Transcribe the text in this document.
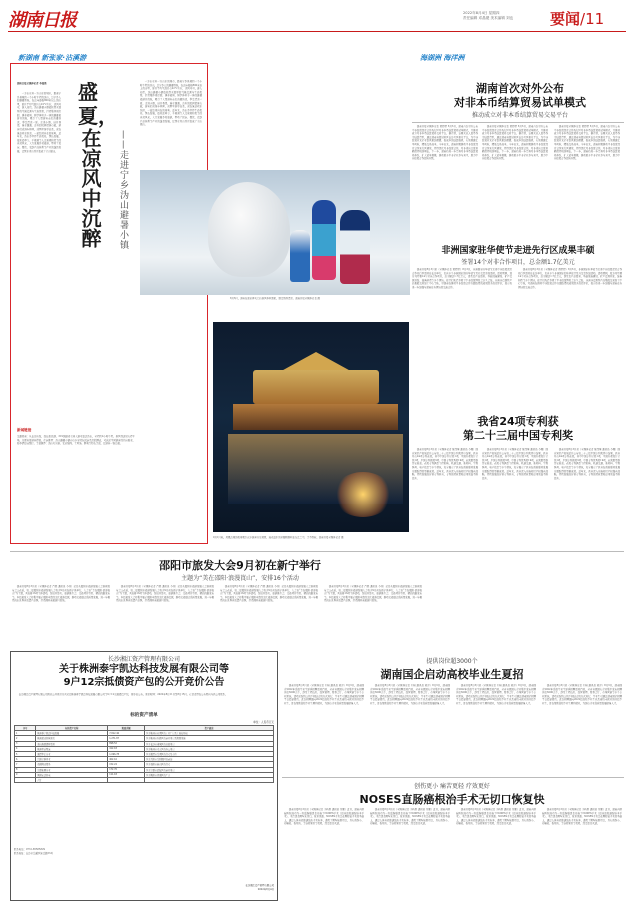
湖南日报	2022年8月4日 星期四
责任编辑 邓晶琎 美术编辑 刘也 要闻/11
新湖南 新张家·沾溪游	海湖洲 海洋洲
湖南日报全媒体记者 李曼斯
一方山水养一方山水的城市，距离宁乡县城约一个小时车程的沩山，是宁乡人的避暑胜地。在这座海拔800米以上的山里，夏日平均气温只有22℃左右，凉风习习，游人如织。沩山避暑小镇依托得天独厚的气候资源与生态优势，打造集休闲度假、康养旅居、研学体验于一体的避暑旅游目的地，吸引了大量游客前来消暑纳凉，享受清凉一夏。走进小镇，满目苍翠，溪水潺潺，古朴的民居错落有致，游客们或漫步林间，或围坐茶亭品茗，或在溪边戏水纳凉，一派悠闲自在的景象。近年来，沩山乡坚持生态优先、绿色发展，依托密印寺、千佛洞等人文景观和优美的自然风光，大力发展乡村旅游，带动了民宿、餐饮、农副产品销售等产业的蓬勃发展，让绿水青山真正变成了金山银山。
盛夏，
在凉风中沉醉	——走进宁乡沩山避暑小镇
一方山水养一方山水的城市，距离宁乡县城约一个小时车程的沩山，是宁乡人的避暑胜地。在这座海拔800米以上的山里，夏日平均气温只有22℃左右，凉风习习，游人如织。沩山避暑小镇依托得天独厚的气候资源与生态优势，打造集休闲度假、康养旅居、研学体验于一体的避暑旅游目的地，吸引了大量游客前来消暑纳凉，享受清凉一夏。走进小镇，满目苍翠，溪水潺潺，古朴的民居错落有致，游客们或漫步林间，或围坐茶亭品茗，或在溪边戏水纳凉，一派悠闲自在的景象。近年来，沩山乡坚持生态优先、绿色发展，依托密印寺、千佛洞等人文景观和优美的自然风光，大力发展乡村旅游，带动了民宿、餐饮、农副产品销售等产业的蓬勃发展，让绿水青山真正变成了金山银山。
新闻链接
交通指南：从长沙出发，经长张高速、319国道或金洲大道可直达沩山，全程约2小时车程。景区周边设有停车场，方便自驾游客停放。住宿推荐：沩山避暑小镇内有多家特色民宿及度假酒店，可满足不同游客的住宿需求，旺季请提前预订。美食推荐：沩山毛尖茶、农家腊肉、土鸡汤、野菜等特色美食，让游客一饱口福。
8月3日，游客在张家界天门山景区体验溜索，感受别样清凉。湖南日报全媒体记者 摄
湖南首次对外公布
对非本币结算贸易试单模式
推动成立对非本币结算贸易交易平台
湖南日报全媒体记者 黄婷婷 8月3日，湖南首次对外公布中非经贸深度合作先行区对非本币结算贸易试单模式，并推动成立对非本币结算贸易交易平台。据介绍，该模式以人民币作为结算货币，通过湖南自贸试验区长沙片区相关平台，为中非经贸往来企业提供更加便捷、低成本的结算服务，有效规避汇率风险，降低交易成本。今年以来，湖南积极推动中非经贸深度合作先行区建设，持续深化对非经贸合作，对非进出口贸易额保持较快增长。下一步，湖南将进一步完善对非本币结算贸易体系，扩大试单规模，推动更多中非企业参与其中，助力中非经贸合作提质升级。
湖南日报全媒体记者 黄婷婷 8月3日，湖南首次对外公布中非经贸深度合作先行区对非本币结算贸易试单模式，并推动成立对非本币结算贸易交易平台。据介绍，该模式以人民币作为结算货币，通过湖南自贸试验区长沙片区相关平台，为中非经贸往来企业提供更加便捷、低成本的结算服务，有效规避汇率风险，降低交易成本。今年以来，湖南积极推动中非经贸深度合作先行区建设，持续深化对非经贸合作，对非进出口贸易额保持较快增长。下一步，湖南将进一步完善对非本币结算贸易体系，扩大试单规模，推动更多中非企业参与其中，助力中非经贸合作提质升级。
湖南日报全媒体记者 黄婷婷 8月3日，湖南首次对外公布中非经贸深度合作先行区对非本币结算贸易试单模式，并推动成立对非本币结算贸易交易平台。据介绍，该模式以人民币作为结算货币，通过湖南自贸试验区长沙片区相关平台，为中非经贸往来企业提供更加便捷、低成本的结算服务，有效规避汇率风险，降低交易成本。今年以来，湖南积极推动中非经贸深度合作先行区建设，持续深化对非经贸合作，对非进出口贸易额保持较快增长。下一步，湖南将进一步完善对非本币结算贸易体系，扩大试单规模，推动更多中非企业参与其中，助力中非经贸合作提质升级。
非洲国家驻华使节走进先行区成果丰硕
签署14个对非合作项目，总金额1.7亿美元
湖南日报8月3日讯（全媒体记者 黄婷婷）8月3日，非洲国家驻华使节走进中非经贸深度合作先行区活动在长沙举行，来自多个非洲国家的驻华使节及外交官参加活动。活动期间，双方共签署14个对非合作项目，总金额达1.7亿美元，涉及农产品贸易、基础设施建设、矿产资源开发、装备制造等多个领域。使节们先后参观了中非经贸博览会永久会址、非洲非资源性产品集散交易加工中心等地，对湖南在推动中非经贸合作方面取得的成效给予高度评价，表示将进一步加强与湖南在各领域的交流合作。
湖南日报8月3日讯（全媒体记者 黄婷婷）8月3日，非洲国家驻华使节走进中非经贸深度合作先行区活动在长沙举行，来自多个非洲国家的驻华使节及外交官参加活动。活动期间，双方共签署14个对非合作项目，总金额达1.7亿美元，涉及农产品贸易、基础设施建设、矿产资源开发、装备制造等多个领域。使节们先后参观了中非经贸博览会永久会址、非洲非资源性产品集散交易加工中心等地，对湖南在推动中非经贸合作方面取得的成效给予高度评价，表示将进一步加强与湖南在各领域的交流合作。
9月1日晚，凤凰古城的夜景吸引众多游客驻足观赏，流光溢彩的吊脚楼倒映在沱江之中，美不胜收。湖南日报全媒体记者 摄
我省24项专利获
第二十三届中国专利奖
湖南日报8月3日讯（全媒体记者 陈淦璋 通讯员 李娜）国家知识产权局近日公布第二十三届中国专利奖评审结果，我省共有24项专利获奖，其中中国专利金奖1项、中国外观设计金奖1项、中国专利银奖3项、中国专利优秀奖19项，获奖数量创历史新高。获奖专利涵盖工程机械、轨道交通、新材料、生物医药、电子信息等多个领域，充分展示了我省在创新驱动发展方面取得的显著成效。近年来，我省深入实施知识产权强省战略，持续加强高价值专利培育，专利创造质量和运用效益不断提升。
湖南日报8月3日讯（全媒体记者 陈淦璋 通讯员 李娜）国家知识产权局近日公布第二十三届中国专利奖评审结果，我省共有24项专利获奖，其中中国专利金奖1项、中国外观设计金奖1项、中国专利银奖3项、中国专利优秀奖19项，获奖数量创历史新高。获奖专利涵盖工程机械、轨道交通、新材料、生物医药、电子信息等多个领域，充分展示了我省在创新驱动发展方面取得的显著成效。近年来，我省深入实施知识产权强省战略，持续加强高价值专利培育，专利创造质量和运用效益不断提升。
湖南日报8月3日讯（全媒体记者 陈淦璋 通讯员 李娜）国家知识产权局近日公布第二十三届中国专利奖评审结果，我省共有24项专利获奖，其中中国专利金奖1项、中国外观设计金奖1项、中国专利银奖3项、中国专利优秀奖19项，获奖数量创历史新高。获奖专利涵盖工程机械、轨道交通、新材料、生物医药、电子信息等多个领域，充分展示了我省在创新驱动发展方面取得的显著成效。近年来，我省深入实施知识产权强省战略，持续加强高价值专利培育，专利创造质量和运用效益不断提升。
邵阳市旅发大会9月初在新宁举行
主题为“美在邵阳·浪漫崀山”，安排16个活动
湖南日报8月3日讯（全媒体记者 肖燕 通讯员 李伟）记者从邵阳市旅游发展大会新闻发布会上获悉，第二届邵阳市旅游发展大会将于9月初在新宁县举行，大会以“美在邵阳·浪漫崀山”为主题，共安排16项主体活动，包括开幕式、旅游推介会、文旅项目签约、精品线路发布等。本届旅发大会将集中展示邵阳丰富的文化旅游资源，推动文旅融合高质量发展，进一步擦亮崀山世界自然遗产品牌，打造湘西南旅游目的地。
湖南日报8月3日讯（全媒体记者 肖燕 通讯员 李伟）记者从邵阳市旅游发展大会新闻发布会上获悉，第二届邵阳市旅游发展大会将于9月初在新宁县举行，大会以“美在邵阳·浪漫崀山”为主题，共安排16项主体活动，包括开幕式、旅游推介会、文旅项目签约、精品线路发布等。本届旅发大会将集中展示邵阳丰富的文化旅游资源，推动文旅融合高质量发展，进一步擦亮崀山世界自然遗产品牌，打造湘西南旅游目的地。
湖南日报8月3日讯（全媒体记者 肖燕 通讯员 李伟）记者从邵阳市旅游发展大会新闻发布会上获悉，第二届邵阳市旅游发展大会将于9月初在新宁县举行，大会以“美在邵阳·浪漫崀山”为主题，共安排16项主体活动，包括开幕式、旅游推介会、文旅项目签约、精品线路发布等。本届旅发大会将集中展示邵阳丰富的文化旅游资源，推动文旅融合高质量发展，进一步擦亮崀山世界自然遗产品牌，打造湘西南旅游目的地。
湖南日报8月3日讯（全媒体记者 肖燕 通讯员 李伟）记者从邵阳市旅游发展大会新闻发布会上获悉，第二届邵阳市旅游发展大会将于9月初在新宁县举行，大会以“美在邵阳·浪漫崀山”为主题，共安排16项主体活动，包括开幕式、旅游推介会、文旅项目签约、精品线路发布等。本届旅发大会将集中展示邵阳丰富的文化旅游资源，推动文旅融合高质量发展，进一步擦亮崀山世界自然遗产品牌，打造湘西南旅游目的地。
长沙湘江资产管理有限公司
关于株洲泰宇凯达科技发展有限公司等
9户12宗抵债资产包的公开竞价公告
长沙湘江资产管理有限公司拟以公开竞价方式转让株洲泰宇凯达科技发展有限公司等9户12宗抵债资产包，现予以公告。竞价时间：2022年8月11日至8月15日。有意者请在公告期内与我公司联系。
标的资产清单
单位：人民币万元
序号	标的资产名称	账面余额	资产描述
1	株洲泰宇凯达科技发展	7,812.46	位于株洲市荷塘区的工业厂房及土地使用权
2	株洲瑞盛机械制造	1,271.87	位于株洲市石峰区的商业用房及附属设施
3	湖南鑫源建材贸易	898.52	位于长沙市望城区的仓储用房
4	株洲恒远物流	412.18	位于株洲市天元区的办公用房
5	湘潭华信实业	1,096.78	位于湘潭市岳塘区的住宅及车位
6	岳阳金泰置业	402.16	位于岳阳市岳阳楼区的商铺
7	益阳隆盛贸易	152.24	位于益阳市赫山区的住宅
8	常德和顺实业	172.76	位于常德市武陵区的商业用房
9	衡阳宏达机电	111.18	位于衡阳市蒸湘区的厂房
	合计		
联系电话：0731-85585829
联系地址：长沙市岳麓区滨江路53号
长沙湘江资产管理有限公司
2022年8月4日
提供岗位超3000个
湖南国企启动高校毕业生夏招
湖南日报8月3日讯（全媒体记者 王晗 通讯员 刘洋）8月3日，湖南国企2022年高校毕业生夏季招聘活动启动，全省省属国有企业集中发布招聘岗位3000余个，涉及工程技术、经营管理、财务会计、市场营销等多个专业领域。活动采取线上线下相结合的方式进行，毕业生可通过湖南国企招聘平台投递简历。此次招聘面向2022届高校毕业生以及离校未就业的往届毕业生，旨在帮助高校毕业生顺利就业，为国有企业高质量发展储备人才。
湖南日报8月3日讯（全媒体记者 王晗 通讯员 刘洋）8月3日，湖南国企2022年高校毕业生夏季招聘活动启动，全省省属国有企业集中发布招聘岗位3000余个，涉及工程技术、经营管理、财务会计、市场营销等多个专业领域。活动采取线上线下相结合的方式进行，毕业生可通过湖南国企招聘平台投递简历。此次招聘面向2022届高校毕业生以及离校未就业的往届毕业生，旨在帮助高校毕业生顺利就业，为国有企业高质量发展储备人才。
湖南日报8月3日讯（全媒体记者 王晗 通讯员 刘洋）8月3日，湖南国企2022年高校毕业生夏季招聘活动启动，全省省属国有企业集中发布招聘岗位3000余个，涉及工程技术、经营管理、财务会计、市场营销等多个专业领域。活动采取线上线下相结合的方式进行，毕业生可通过湖南国企招聘平台投递简历。此次招聘面向2022届高校毕业生以及离校未就业的往届毕业生，旨在帮助高校毕业生顺利就业，为国有企业高质量发展储备人才。
湖南日报8月3日讯（全媒体记者 王晗 通讯员 刘洋）8月3日，湖南国企2022年高校毕业生夏季招聘活动启动，全省省属国有企业集中发布招聘岗位3000余个，涉及工程技术、经营管理、财务会计、市场营销等多个专业领域。活动采取线上线下相结合的方式进行，毕业生可通过湖南国企招聘平台投递简历。此次招聘面向2022届高校毕业生以及离校未就业的往届毕业生，旨在帮助高校毕业生顺利就业，为国有企业高质量发展储备人才。
创伤更小 痛苦更轻 疗效更好
NOSES直肠癌根治手术无切口恢复快
湖南日报8月3日讯（全媒体记者 李传胜 通讯员 付鹏）近日，湖南省肿瘤医院成功为一名直肠癌患者实施了NOSES手术（经自然腔道取标本手术），术后患者腹壁无切口，恢复迅速。NOSES手术是在腹腔镜手术的基础上，通过人体自然腔道取出手术标本，避免了腹壁辅助切口，具有创伤小、疼痛轻、恢复快、美容效果好等优势，深受患者欢迎。
湖南日报8月3日讯（全媒体记者 李传胜 通讯员 付鹏）近日，湖南省肿瘤医院成功为一名直肠癌患者实施了NOSES手术（经自然腔道取标本手术），术后患者腹壁无切口，恢复迅速。NOSES手术是在腹腔镜手术的基础上，通过人体自然腔道取出手术标本，避免了腹壁辅助切口，具有创伤小、疼痛轻、恢复快、美容效果好等优势，深受患者欢迎。
湖南日报8月3日讯（全媒体记者 李传胜 通讯员 付鹏）近日，湖南省肿瘤医院成功为一名直肠癌患者实施了NOSES手术（经自然腔道取标本手术），术后患者腹壁无切口，恢复迅速。NOSES手术是在腹腔镜手术的基础上，通过人体自然腔道取出手术标本，避免了腹壁辅助切口，具有创伤小、疼痛轻、恢复快、美容效果好等优势，深受患者欢迎。
湖南日报8月3日讯（全媒体记者 李传胜 通讯员 付鹏）近日，湖南省肿瘤医院成功为一名直肠癌患者实施了NOSES手术（经自然腔道取标本手术），术后患者腹壁无切口，恢复迅速。NOSES手术是在腹腔镜手术的基础上，通过人体自然腔道取出手术标本，避免了腹壁辅助切口，具有创伤小、疼痛轻、恢复快、美容效果好等优势，深受患者欢迎。
